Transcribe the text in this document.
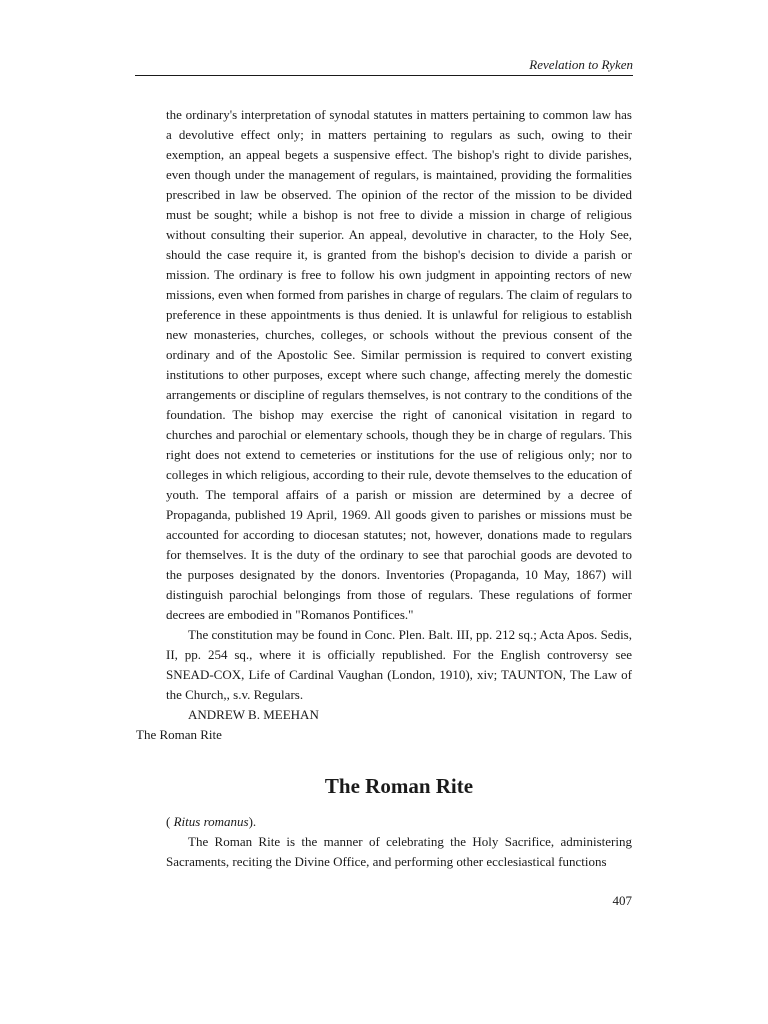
Revelation to Ryken

the ordinary's interpretation of synodal statutes in matters pertaining to common law has a devolutive effect only; in matters pertaining to regulars as such, owing to their exemption, an appeal begets a suspensive effect. The bishop's right to divide parishes, even though under the management of regulars, is maintained, providing the formalities prescribed in law be observed. The opinion of the rector of the mission to be divided must be sought; while a bishop is not free to divide a mission in charge of religious without consulting their superior. An appeal, devolutive in character, to the Holy See, should the case require it, is granted from the bishop's decision to divide a parish or mission. The ordinary is free to follow his own judgment in appointing rectors of new missions, even when formed from parishes in charge of regulars. The claim of regulars to preference in these appointments is thus denied. It is unlawful for religious to establish new monasteries, churches, colleges, or schools without the previous consent of the ordinary and of the Apostolic See. Similar permission is required to convert existing institutions to other purposes, except where such change, affecting merely the domestic arrangements or discipline of regulars themselves, is not contrary to the conditions of the foundation. The bishop may exercise the right of canonical visitation in regard to churches and parochial or elementary schools, though they be in charge of regulars. This right does not extend to cemeteries or institutions for the use of religious only; nor to colleges in which religious, according to their rule, devote themselves to the education of youth. The temporal affairs of a parish or mission are determined by a decree of Propaganda, published 19 April, 1969. All goods given to parishes or missions must be accounted for according to diocesan statutes; not, however, donations made to regulars for themselves. It is the duty of the ordinary to see that parochial goods are devoted to the purposes designated by the donors. Inventories (Propaganda, 10 May, 1867) will distinguish parochial belongings from those of regulars. These regulations of former decrees are embodied in "Romanos Pontifices."

The constitution may be found in Conc. Plen. Balt. III, pp. 212 sq.; Acta Apos. Sedis, II, pp. 254 sq., where it is officially republished. For the English controversy see SNEAD-COX, Life of Cardinal Vaughan (London, 1910), xiv; TAUNTON, The Law of the Church,, s.v. Regulars.

ANDREW B. MEEHAN

The Roman Rite
The Roman Rite

( Ritus romanus).

The Roman Rite is the manner of celebrating the Holy Sacrifice, administering Sacraments, reciting the Divine Office, and performing other ecclesiastical functions

407
